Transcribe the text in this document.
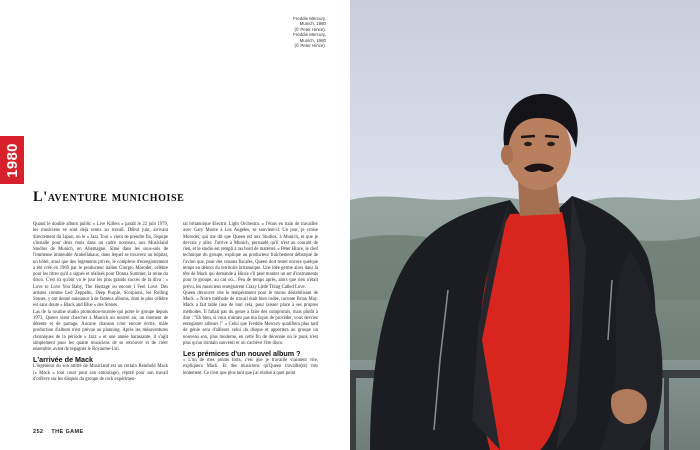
Freddie Mercury,
Munich, 1980
(© Peter Hince).
Freddie Mercury,
Munich, 1980
(© Peter Hince).
1980
L'aventure munichoise

Quand le double album public « Live Killers » paraît le 22 juin 1979, les musiciens se sont déjà remis au travail. Début juin, arrivant directement du Japon, où le « Jazz Tour » vient de prendre fin, l'équipe s'installe pour deux mois dans un cadre nouveau, aux Musicland Studios de Munich, en Allemagne. Situé dans les sous-sols de l'immense immeuble Arabellahaus, dans lequel se trouvent un hôpital, un hôtel, ainsi que des logements privés, le complexe d'enregistrement a été créé en 1969 par le producteur italien Giorgio Moroder, célèbre pour les titres qu'il a signés et réalisés pour Donna Summer, la reine du disco. C'est ici qu'ont vu le jour les plus grands succès de la diva : « Love to Love You Baby, The Hostage ou encore I Feel Love. Des artistes comme Led Zeppelin, Deep Purple, Scorpions, les Rolling Stones, y ont donné naissance à de fameux albums, dont le plus célèbre est sans doute « Black and Blue » des Stones.

Las de la routine studio promotion-tournée qui porte le groupe depuis 1973, Queen vient chercher à Munich un nouvel air, un moment de détente et de partage. Aucune chanson n'est encore écrite, mâle production d'album n'est prévue au planning. Après les mésaventures chroniques de la période « Jazz » et une année harassante, il s'agit simplement pour les quatre musiciens de se retrouver et de créer ensemble, avant de regagner le Royaume-Uni.

L'arrivée de Mack

L'ingénieur du son attitré de Musicland est un certain Reinhold Mack (« Mack » tout court pour son entourage), réputé pour son travail d'orfèvre sur les disques du groupe de rock expérimen-

tal britannique Electric Light Orchestra. « J'étais en train de travailler avec Gary Moore à Los Angeles, se souvient-il. Un jour, je croise Moroder, qui me dit que Queen est aux Studios, à Munich, et que je devrais y aller. J'arrive à Munich, persuadé qu'il n'est au courant de rien, et le studio est rempli à ras bord de matériel. » Peter Hince, le chef technique du groupe, explique au producteur fraîchement débarqué de l'avion que, pour des raisons fiscales, Queen doit rester encore quelque temps en dehors du territoire britannique. Une idée germe alors dans la tête de Mack qui demande à Hince s'il peut monter un set d'instruments pour le groupe, au cas où... Peu de temps après, alors que rien n'était prévu, les musiciens enregistrent Crazy Little Thing Called Love.

Queen découvre vite le tempérament pour le moins déstabilisant de Mack. « Notre méthode de travail était bien rodée, raconte Brian May. Mack a fait table rase de tout cela, pour laisser place à ses propres méthodes. Il fallait pas du genre à faire des compromis, mais plutôt à dire : "Eh bien, si vous n'aimez pas ma façon de procéder, vous devriez enregistrer ailleurs !" » Celui que Freddie Mercury qualifiera plus tard de génie sera d'ailleurs celui du disque et apportera au groupe un nouveau son, plus moderne, en cette fin de décennie où le punk n'est plus qu'un lointain souvenir et où s'achève l'ère disco.

Les prémices d'un nouvel album ?

« L'un de mes points forts, c'est que je travaille vraiment vite, expliquera Mack. Et des musiciens qu'Queen travaille(nt) très lentement. Ce n'est que plus tard que j'ai réalisé à quel point

252 THE GAME
